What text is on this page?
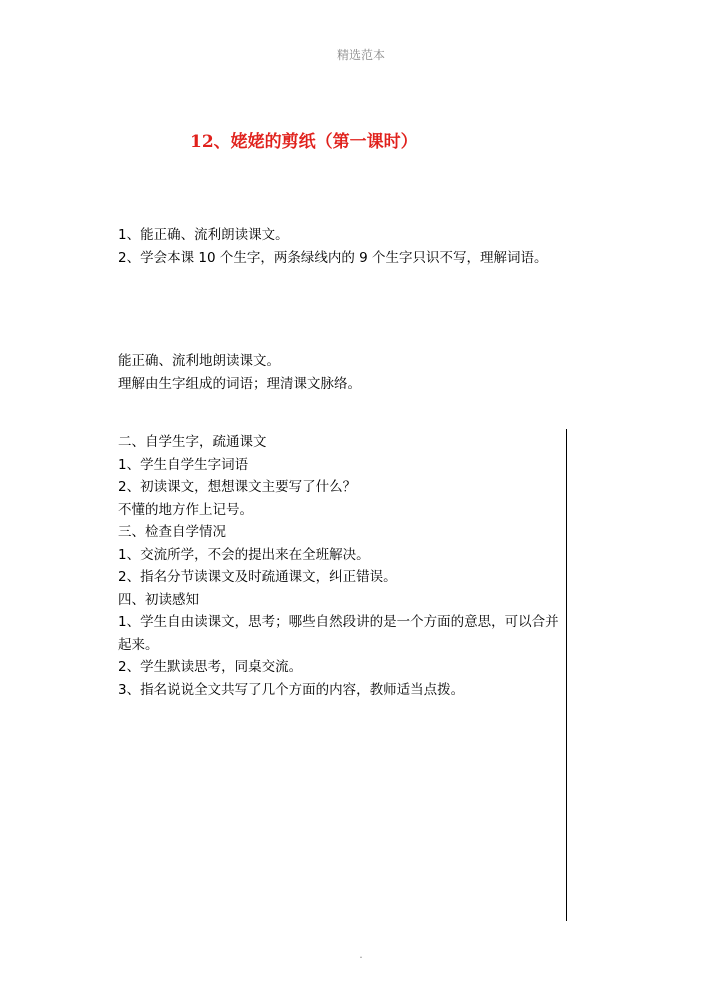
精选范本
12、姥姥的剪纸（第一课时）
1、能正确、流利朗读课文。
2、学会本课 10 个生字，两条绿线内的 9 个生字只识不写，理解词语。
能正确、流利地朗读课文。
理解由生字组成的词语；理清课文脉络。
二、自学生字，疏通课文
1、学生自学生字词语
2、初读课文，想想课文主要写了什么？
不懂的地方作上记号。
三、检查自学情况
1、交流所学，不会的提出来在全班解决。
2、指名分节读课文及时疏通课文，纠正错误。
四、初读感知
1、学生自由读课文，思考；哪些自然段讲的是一个方面的意思，可以合并起来。
2、学生默读思考，同桌交流。
3、指名说说全文共写了几个方面的内容，教师适当点拨。
.
